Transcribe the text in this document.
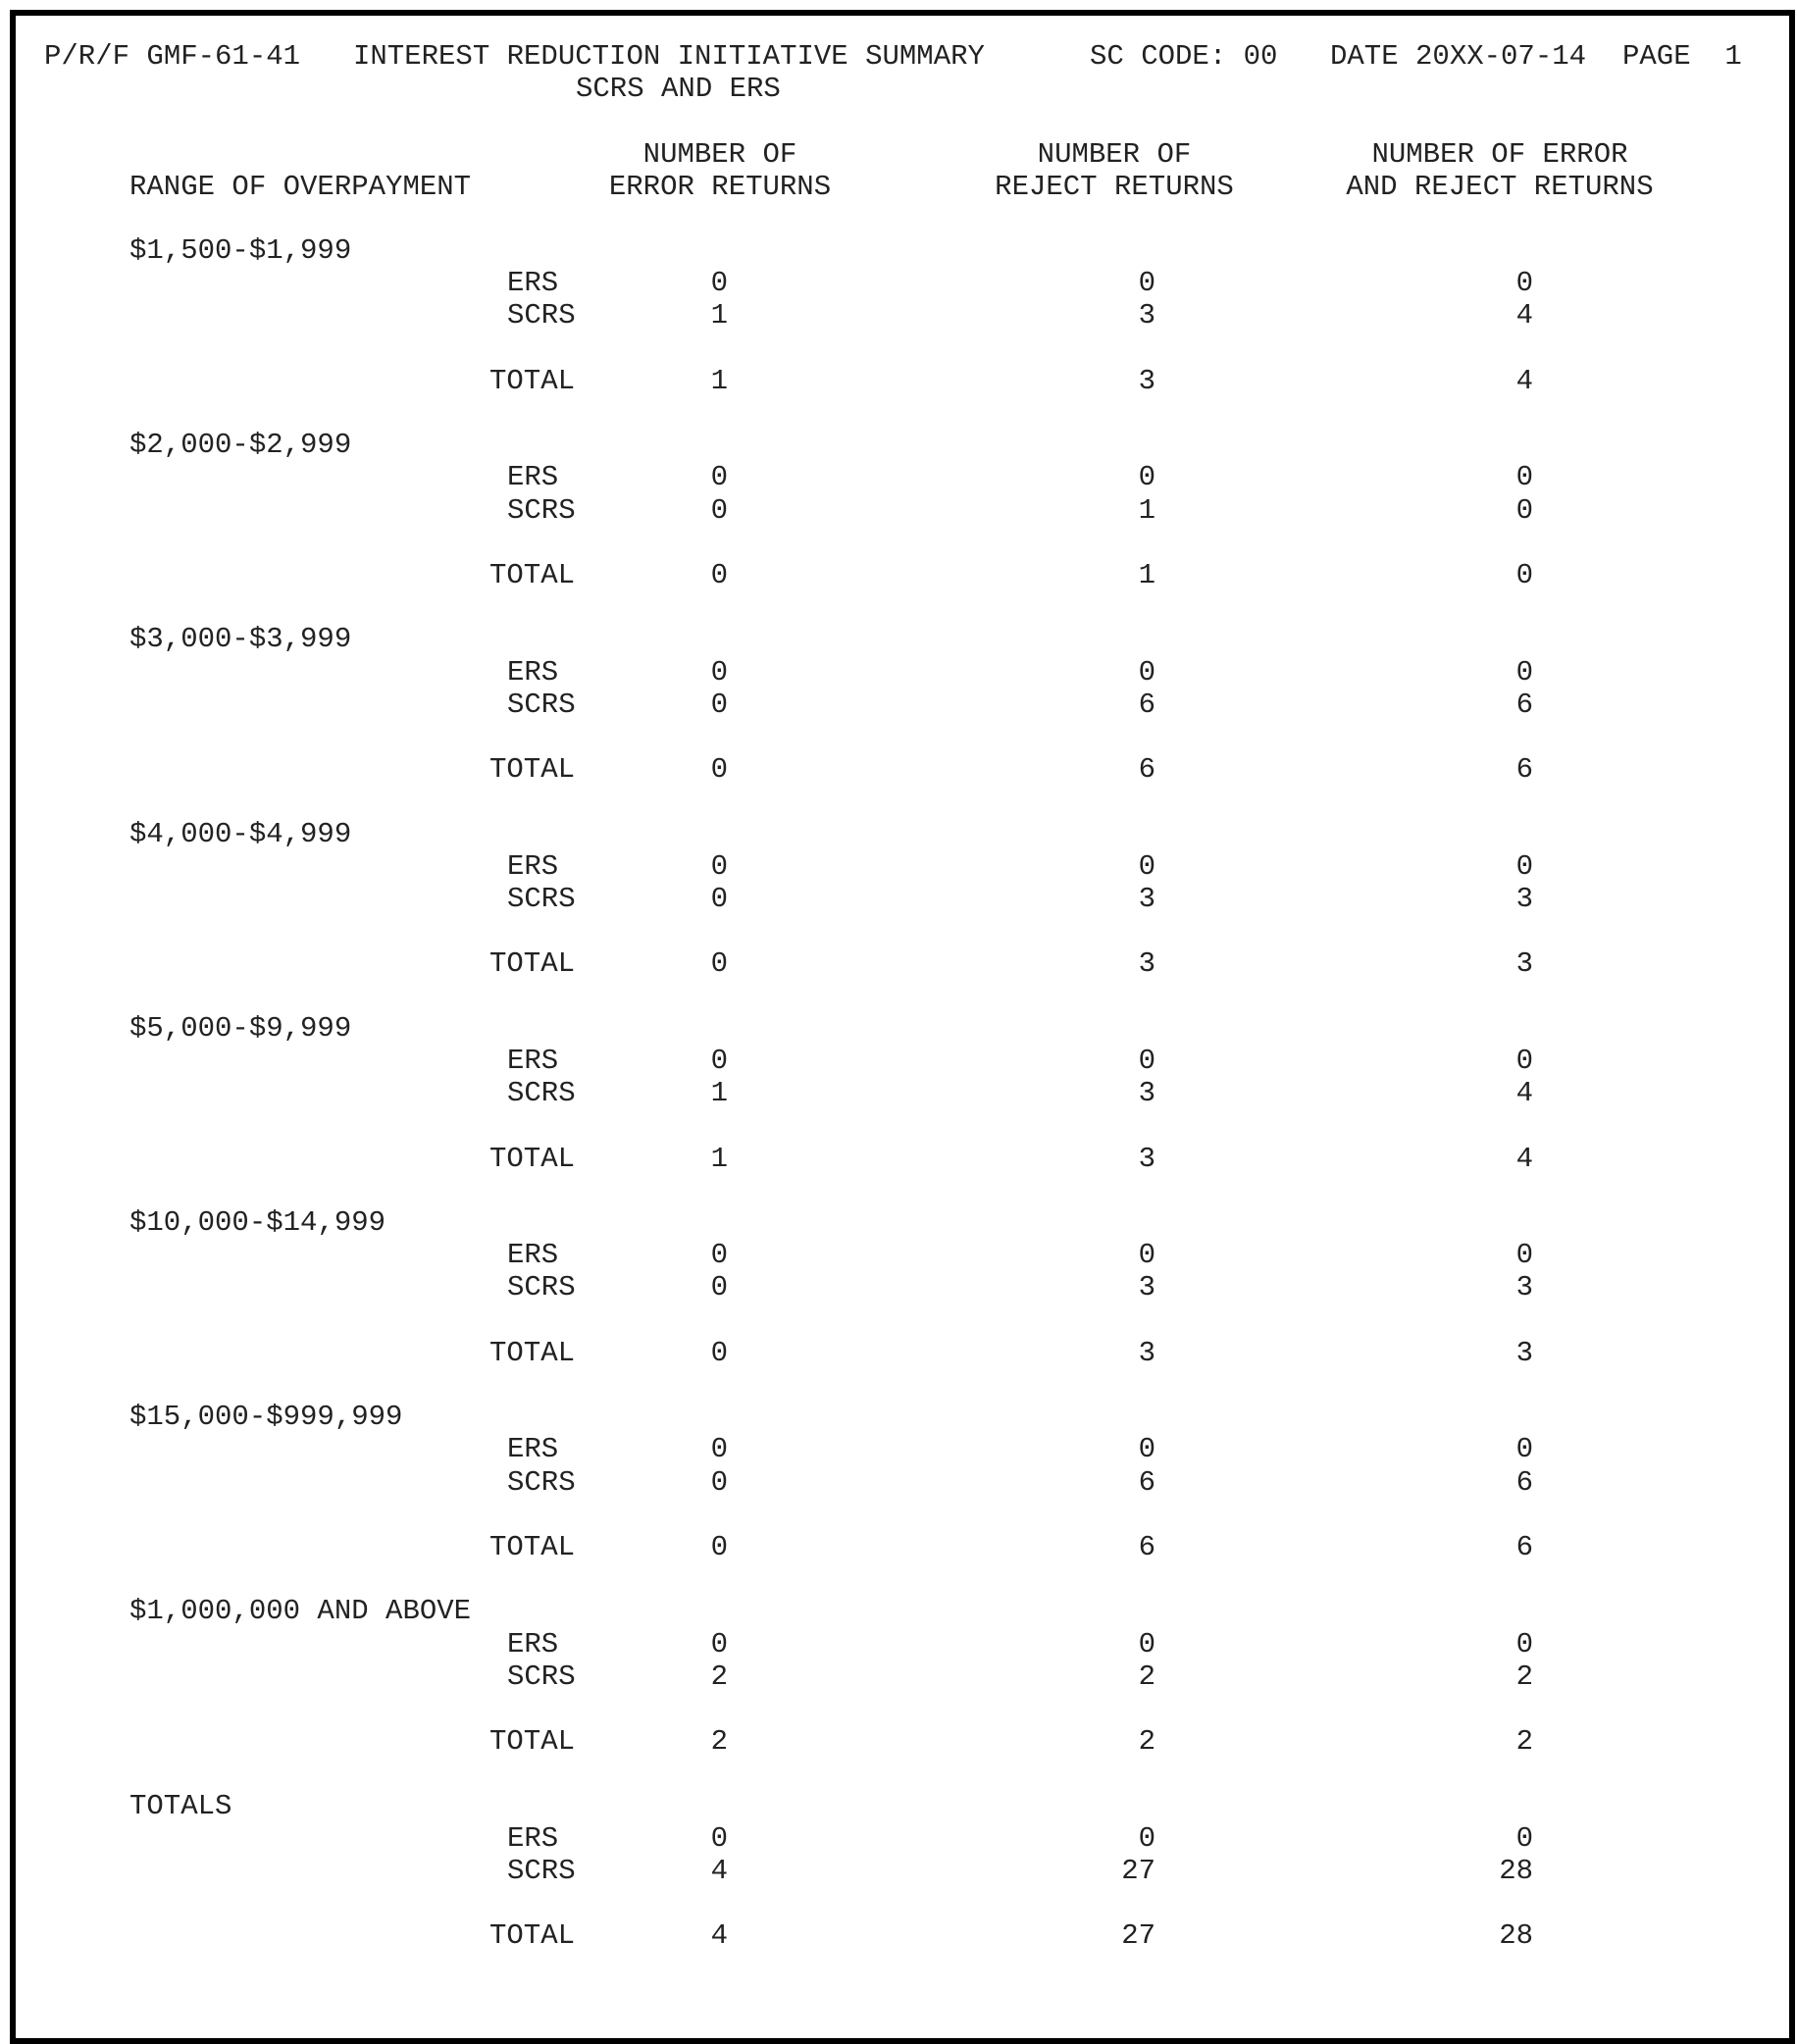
P/R/F GMF-61-41 INTEREST REDUCTION INITIATIVE SUMMARY	SC CODE: 00 DATE 20XX-07-14 PAGE  1
SCRS AND ERS
RANGE OF OVERPAYMENT
NUMBER OF
ERROR RETURNS
NUMBER OF
REJECT RETURNS
NUMBER OF ERROR
AND REJECT RETURNS
$1,500-$1,999
ERS	0	0	0
SCRS	1	3	4
TOTAL	1	3	4
$2,000-$2,999
ERS	0	0	0
SCRS	0	1	0
TOTAL	0	1	0
$3,000-$3,999
ERS	0	0	0
SCRS	0	6	6
TOTAL	0	6	6
$4,000-$4,999
ERS	0	0	0
SCRS	0	3	3
TOTAL	0	3	3
$5,000-$9,999
ERS	0	0	0
SCRS	1	3	4
TOTAL	1	3	4
$10,000-$14,999
ERS	0	0	0
SCRS	0	3	3
TOTAL	0	3	3
$15,000-$999,999
ERS	0	0	0
SCRS	0	6	6
TOTAL	0	6	6
$1,000,000 AND ABOVE
ERS	0	0	0
SCRS	2	2	2
TOTAL	2	2	2
TOTALS
ERS	0	0	0
SCRS	4	27	28
TOTAL	4	27	28
